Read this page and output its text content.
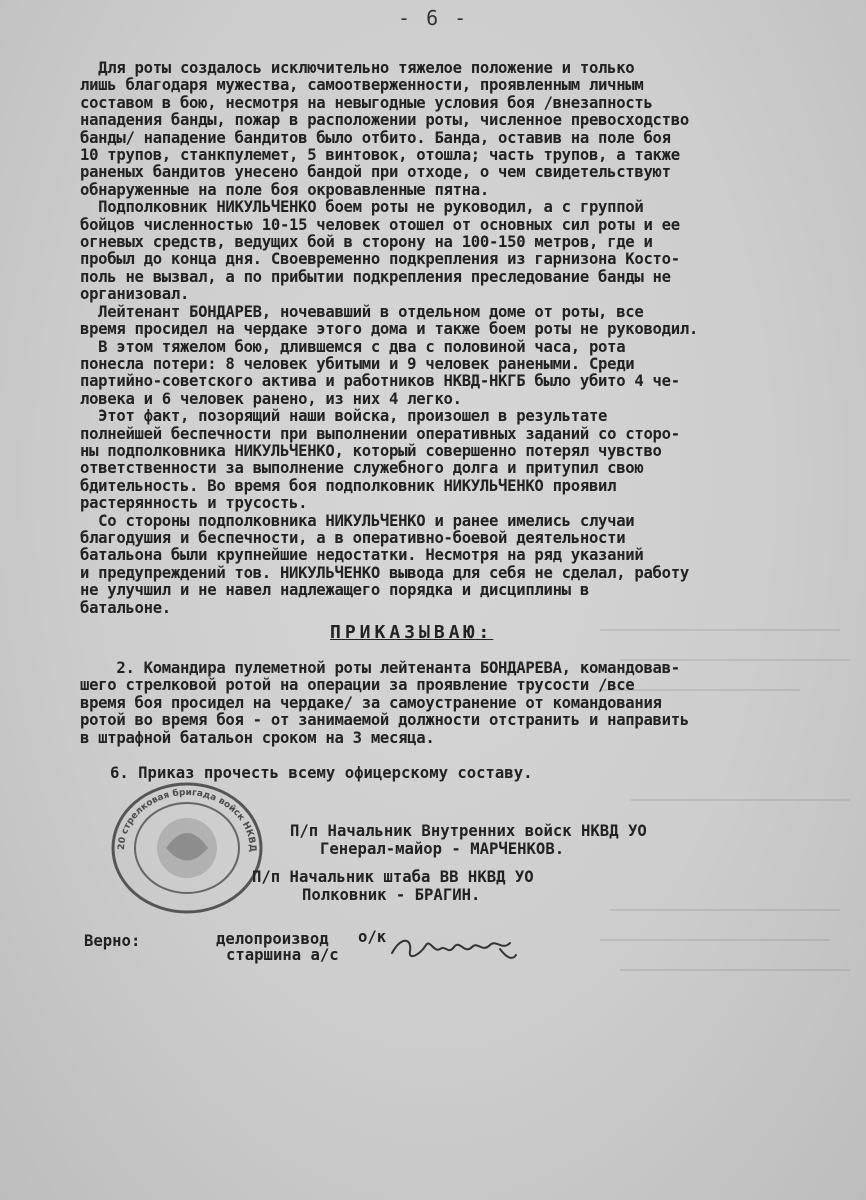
- 6 -
Для роты создалось исключительно тяжелое положение и только
лишь благодаря мужества, самоотверженности, проявленным личным
составом в бою, несмотря на невыгодные условия боя /внезапность
нападения банды, пожар в расположении роты, численное превосходство
банды/ нападение бандитов было отбито. Банда, оставив на поле боя
10 трупов, станкпулемет, 5 винтовок, отошла; часть трупов, а также
раненых бандитов унесено бандой при отходе, о чем свидетельствуют
обнаруженные на поле боя окровавленные пятна.
Подполковник НИКУЛЬЧЕНКО боем роты не руководил, а с группой
бойцов численностью 10-15 человек отошел от основных сил роты и ее
огневых средств, ведущих бой в сторону на 100-150 метров, где и
пробыл до конца дня. Своевременно подкрепления из гарнизона Косто-
поль не вызвал, а по прибытии подкрепления преследование банды не
организовал.
Лейтенант БОНДАРЕВ, ночевавший в отдельном доме от роты, все
время просидел на чердаке этого дома и также боем роты не руководил.
В этом тяжелом бою, длившемся с два с половиной часа, рота
понесла потери: 8 человек убитыми и 9 человек ранеными. Среди
партийно-советского актива и работников НКВД-НКГБ было убито 4 че-
ловека и 6 человек ранено, из них 4 легко.
Этот факт, позорящий наши войска, произошел в результате
полнейшей беспечности при выполнении оперативных заданий со сторо-
ны подполковника НИКУЛЬЧЕНКО, который совершенно потерял чувство
ответственности за выполнение служебного долга и притупил свою
бдительность. Во время боя подполковник НИКУЛЬЧЕНКО проявил
растерянность и трусость.
Со стороны подполковника НИКУЛЬЧЕНКО и ранее имелись случаи
благодушия и беспечности, а в оперативно-боевой деятельности
батальона были крупнейшие недостатки. Несмотря на ряд указаний
и предупреждений тов. НИКУЛЬЧЕНКО вывода для себя не сделал, работу
не улучшил и не навел надлежащего порядка и дисциплины в
батальоне.
ПРИКАЗЫВАЮ:
2. Командира пулеметной роты лейтенанта БОНДАРЕВА, командовав-
шего стрелковой ротой на операции за проявление трусости /все
время боя просидел на чердаке/ за самоустранение от командования
ротой во время боя - от занимаемой должности отстранить и направить
в штрафной батальон сроком на 3 месяца.
6. Приказ прочесть всему офицерскому составу.
20 стрелковая бригада войск НКВД
П/п Начальник Внутренних войск НКВД УО
Генерал-майор - МАРЧЕНКОВ.
П/п Начальник штаба ВВ НКВД УО
Полковник - БРАГИН.
Верно:	делопроизвод
старшина а/с
о/к
